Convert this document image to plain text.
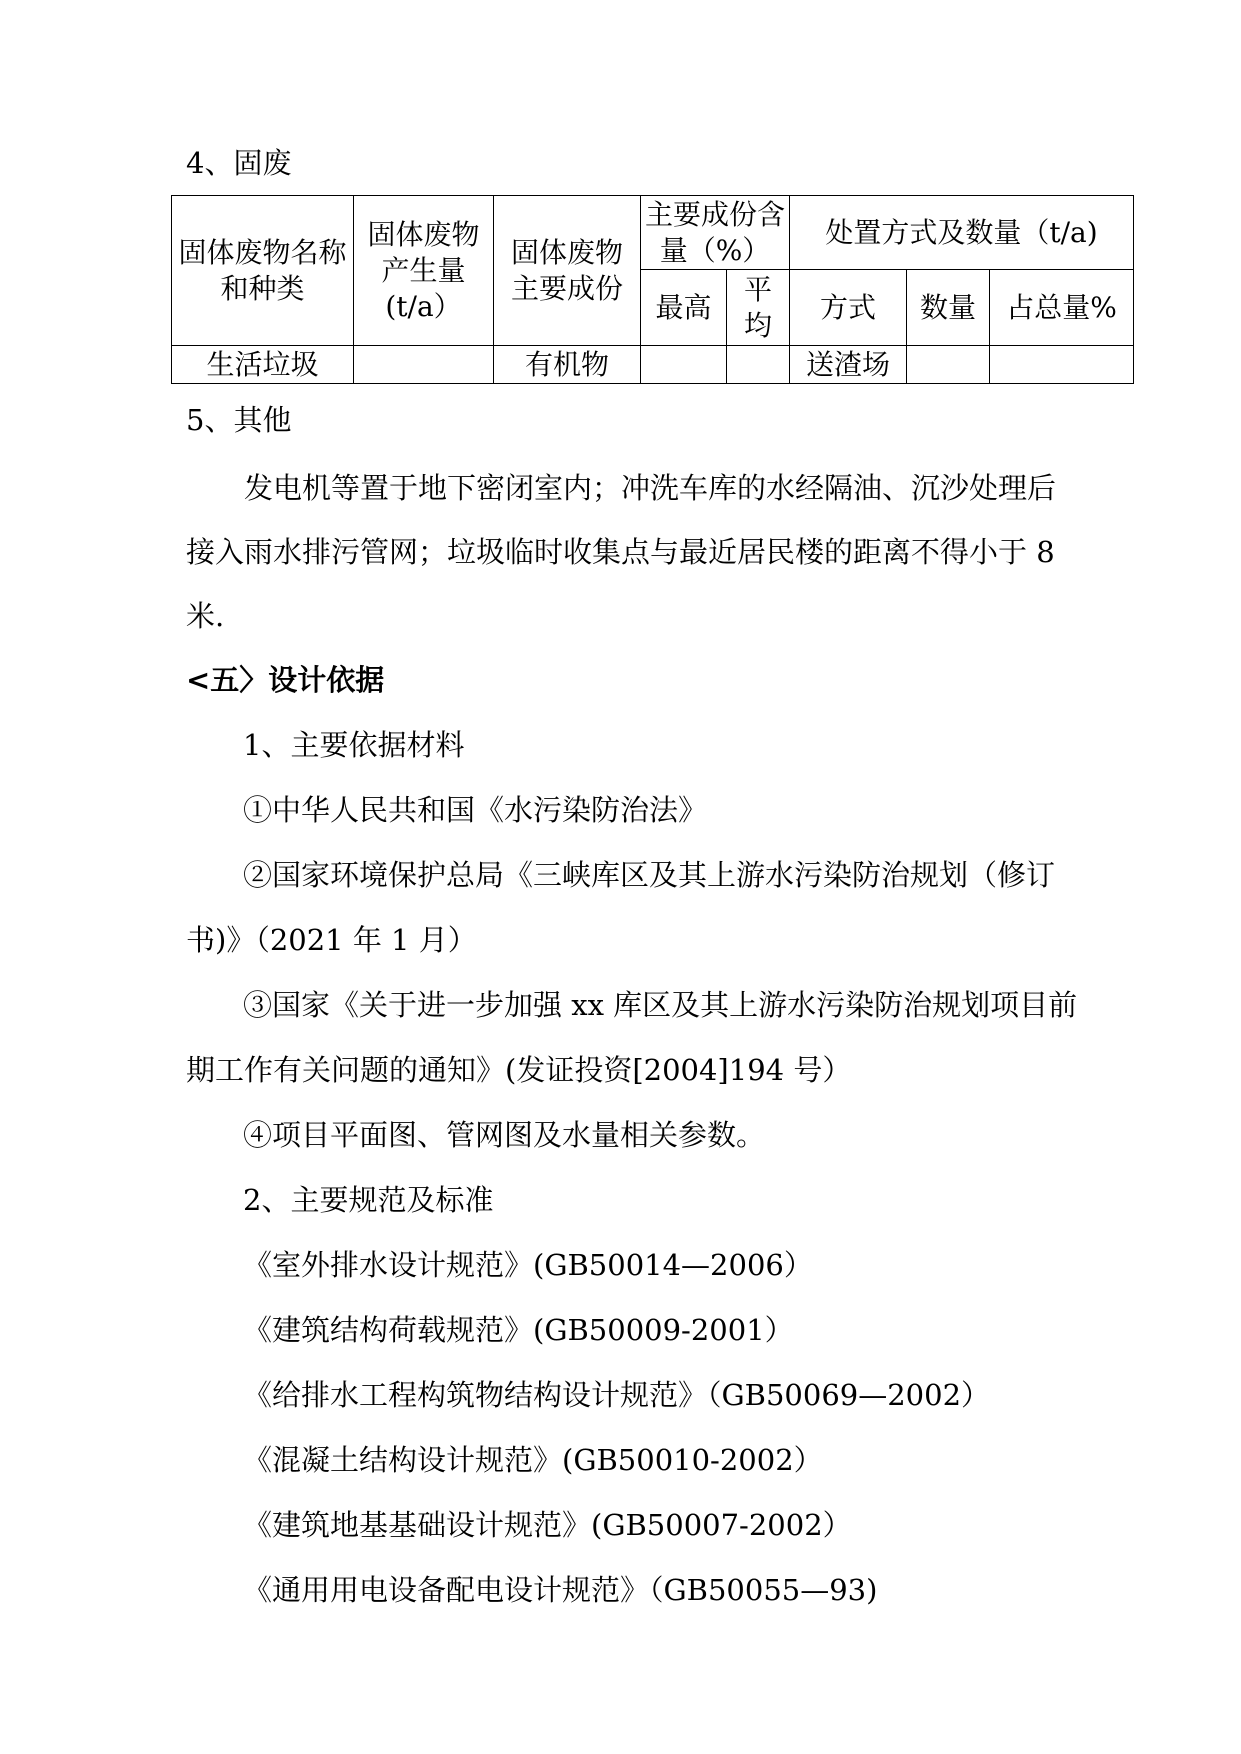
4、固废
固体废物名称和种类	固体废物产生量(t/a）	固体废物主要成份	主要成份含量（%）		处置方式及数量（t/a)		
			最高	平均	方式	数量	占总量%
生活垃圾		有机物			送渣场		
5、其他
发电机等置于地下密闭室内；冲洗车库的水经隔油、沉沙处理后接入雨水排污管网；垃圾临时收集点与最近居民楼的距离不得小于 8 米.
<五〉设计依据
1、主要依据材料
①中华人民共和国《水污染防治法》
②国家环境保护总局《三峡库区及其上游水污染防治规划（修订
书)》（2021 年 1 月）
③国家《关于进一步加强 xx 库区及其上游水污染防治规划项目前
期工作有关问题的通知》(发证投资[2004]194 号）
④项目平面图、管网图及水量相关参数。
2、主要规范及标准
《室外排水设计规范》(GB50014—2006）
《建筑结构荷载规范》(GB50009-2001）
《给排水工程构筑物结构设计规范》（GB50069—2002）
《混凝土结构设计规范》(GB50010-2002）
《建筑地基基础设计规范》(GB50007-2002）
《通用用电设备配电设计规范》（GB50055—93)
